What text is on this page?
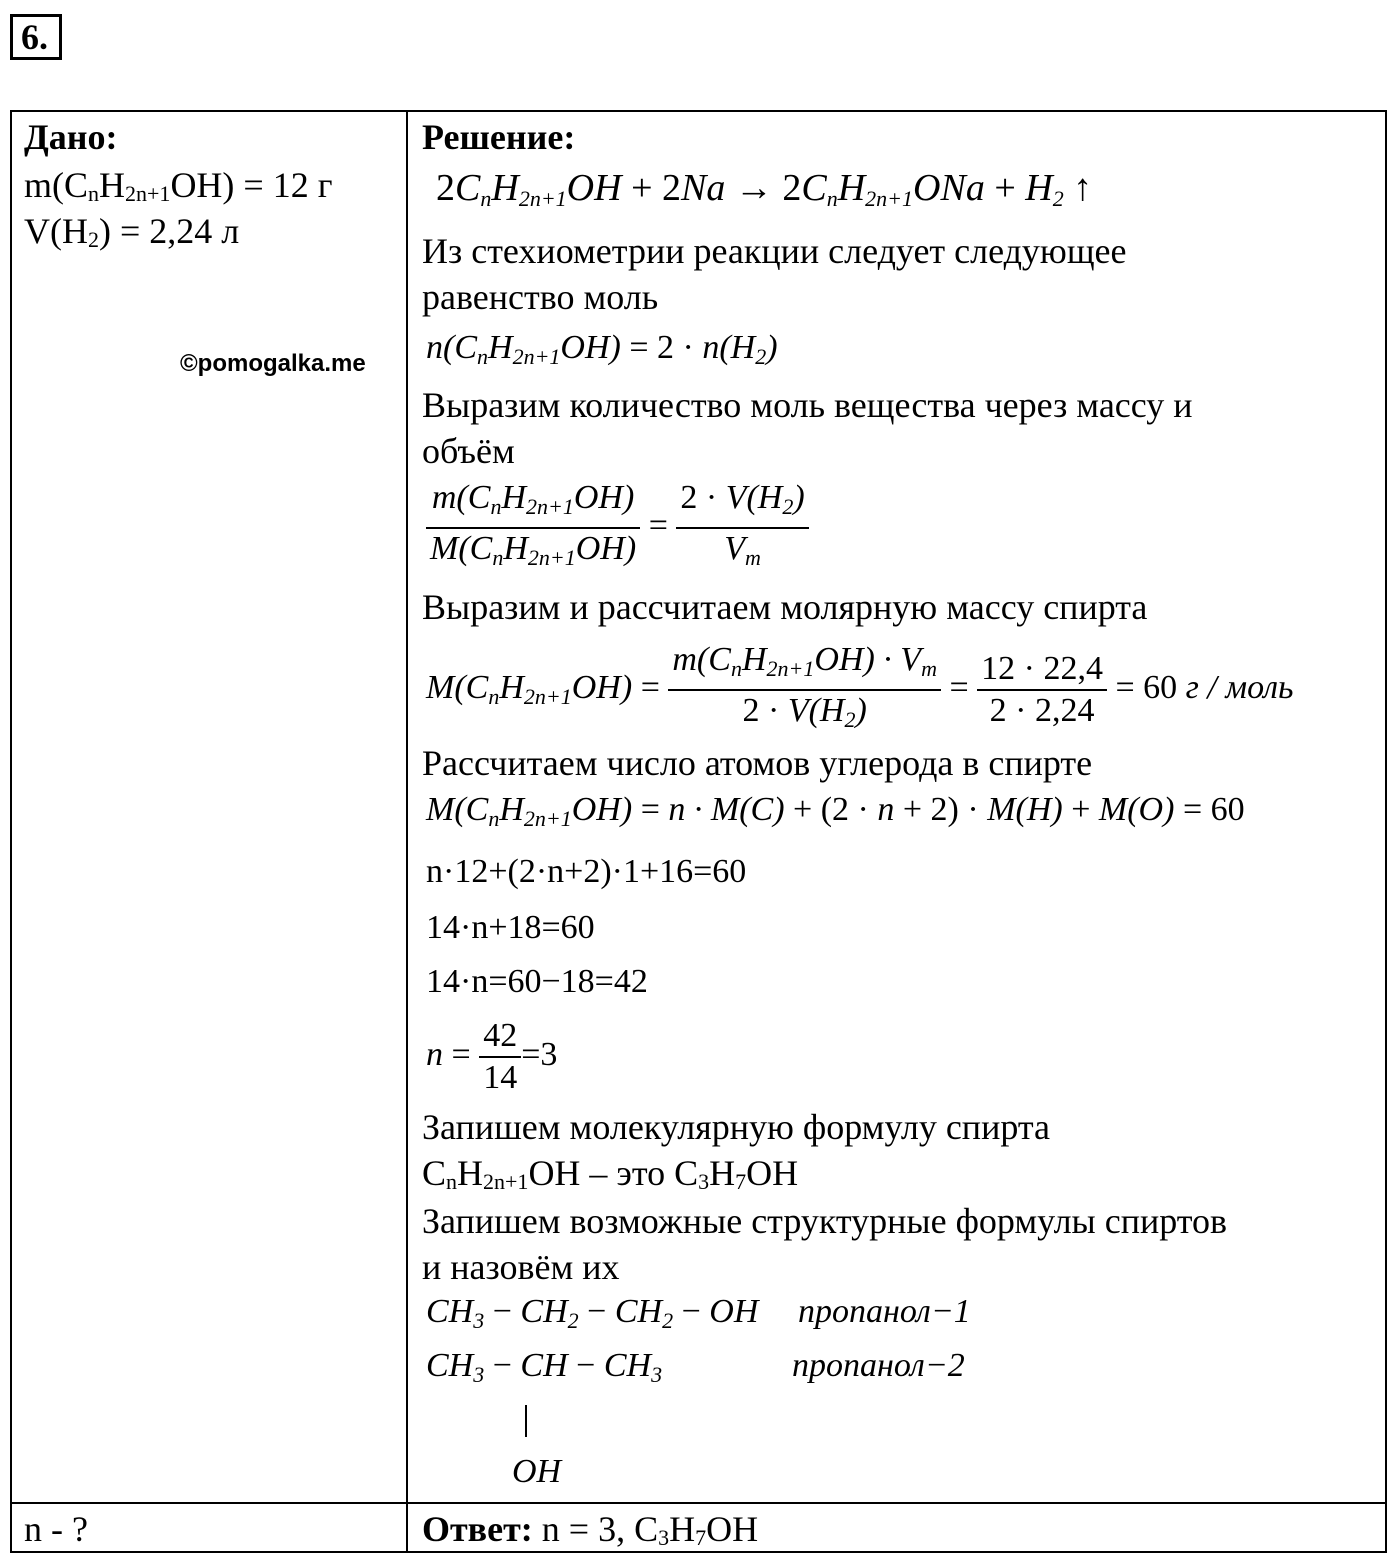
6.
Дано:
$m(C_nH_{2n+1}OH) = 12$ г
$V(H_2) = 2,24$ л
©pomogalka.me
n - ?
Решение:
$2C_nH_{2n+1}OH + 2Na \to 2C_nH_{2n+1}ONa + H_2$ ↑
Из стехиометрии реакции следует следующее
равенство моль
$n(C_nH_{2n+1}OH) = 2 \cdot n(H_2)$
Выразим количество моль вещества через массу и
объём
$\frac{m(C_nH_{2n+1}OH)}{M(C_nH_{2n+1}OH)} = \frac{2 \cdot V(H_2)}{V_m}$
Выразим и рассчитаем молярную массу спирта
$M(C_nH_{2n+1}OH) = \frac{m(C_nH_{2n+1}OH) \cdot V_m}{2 \cdot V(H_2)} = \frac{12 \cdot 22,4}{2 \cdot 2,24} = 60$ г / моль
Рассчитаем число атомов углерода в спирте
$M(C_nH_{2n+1}OH) = n \cdot M(C) + (2 \cdot n + 2) \cdot M(H) + M(O) = 60$
n·12+(2·n+2)·1+16=60
14·n+18=60
14·n=60−18=42
$n = \frac{42}{14} =3$
Запишем молекулярную формулу спирта
$C_nH_{2n+1}OH$ – это $C_3H_7OH$
Запишем возможные структурные формулы спиртов
и назовём их
$CH_3 - CH_2 - CH_2$ − OH пропанол−1
$CH_3$ − CH − $CH_3$	пропанол−2
OH
Ответ: n = 3, $C_3H_7OH$
